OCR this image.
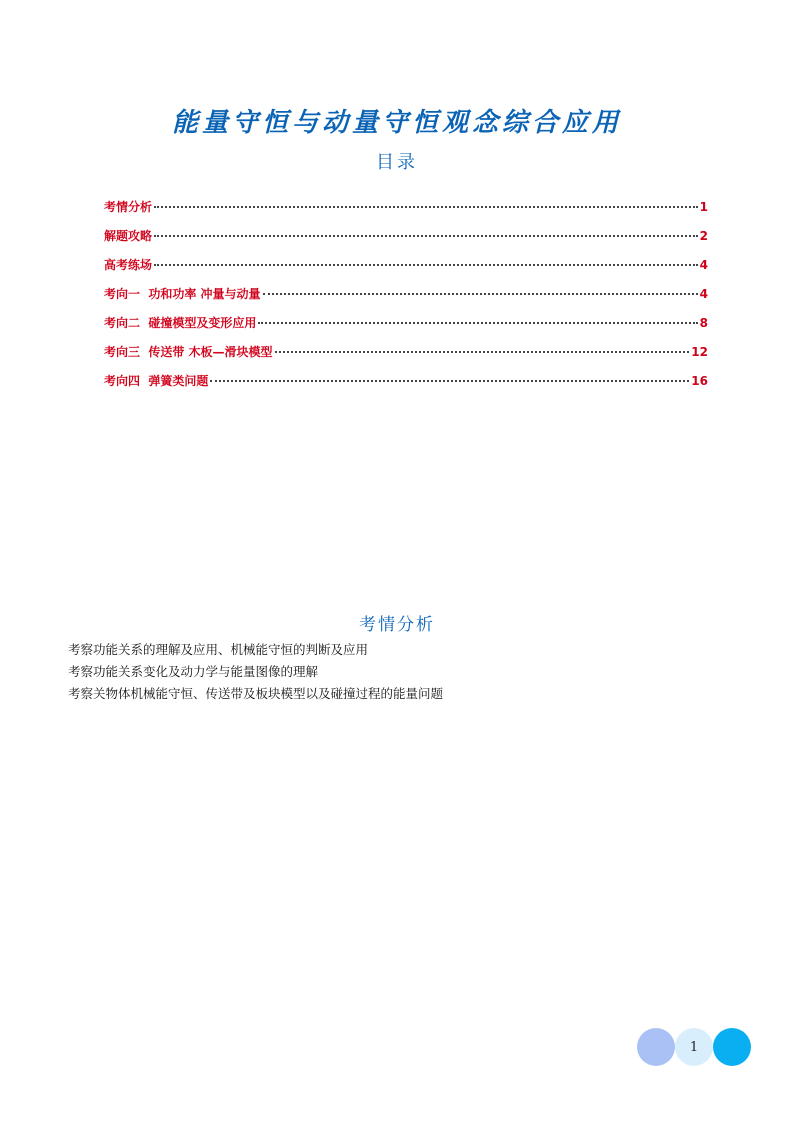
能量守恒与动量守恒观念综合应用
目录
考情分析	1
解题攻略	2
高考练场	4
考向一  功和功率 冲量与动量	4
考向二  碰撞模型及变形应用	8
考向三  传送带 木板—滑块模型	12
考向四  弹簧类问题	16
考情分析
考察功能关系的理解及应用、机械能守恒的判断及应用
考察功能关系变化及动力学与能量图像的理解
考察关物体机械能守恒、传送带及板块模型以及碰撞过程的能量问题
1
